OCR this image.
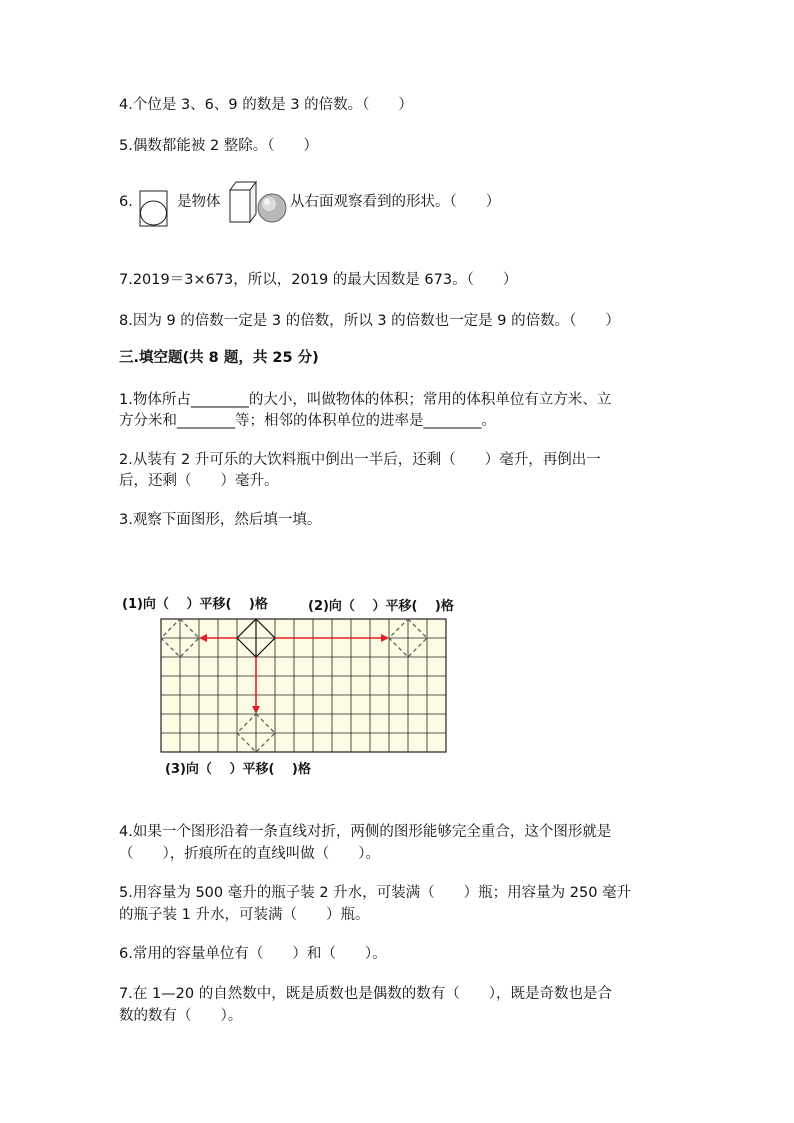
4.个位是 3、6、9 的数是 3 的倍数。（　　）
5.偶数都能被 2 整除。（　　）
6.	是物体	从右面观察看到的形状。（　　）
7.2019＝3×673，所以，2019 的最大因数是 673。（　　）
8.因为 9 的倍数一定是 3 的倍数，所以 3 的倍数也一定是 9 的倍数。（　　）
三.填空题(共 8 题，共 25 分)
1.物体所占________的大小，叫做物体的体积；常用的体积单位有立方米、立
方分米和________等；相邻的体积单位的进率是________。
2.从装有 2 升可乐的大饮料瓶中倒出一半后，还剩（　　）毫升，再倒出一
后，还剩（　　）毫升。
3.观察下面图形，然后填一填。
(1)向（　 ）平移(　 )格	(2)向（　 ）平移(　 )格
(3)向（　 ）平移(　 )格
4.如果一个图形沿着一条直线对折，两侧的图形能够完全重合，这个图形就是
（　　），折痕所在的直线叫做（　　）。
5.用容量为 500 毫升的瓶子装 2 升水，可装满（　　）瓶；用容量为 250 毫升
的瓶子装 1 升水，可装满（　　）瓶。
6.常用的容量单位有（　　）和（　　）。
7.在 1—20 的自然数中，既是质数也是偶数的数有（　　），既是奇数也是合
数的数有（　　）。
